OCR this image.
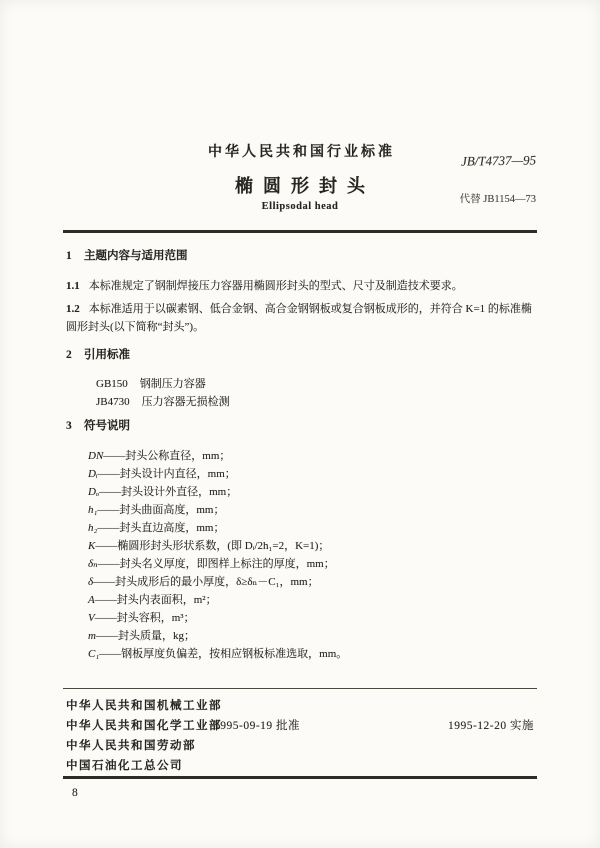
中华人民共和国行业标准	JB/T4737—95
椭圆形封头
代替 JB1154—73
Ellipsodal head
1 主题内容与适用范围

1.1 本标准规定了钢制焊接压力容器用椭圆形封头的型式、尺寸及制造技术要求。

1.2 本标准适用于以碳素钢、低合金钢、高合金钢钢板或复合钢板成形的，并符合 K=1 的标准椭圆形封头(以下简称“封头”)。

2 引用标准
GB150 钢制压力容器
JB4730 压力容器无损检测
3 符号说明
DN——封头公称直径，mm；
Dᵢ——封头设计内直径，mm；
Dₒ——封头设计外直径，mm；
h₁——封头曲面高度，mm；
h₂——封头直边高度，mm；
K——椭圆形封头形状系数，(即 Dᵢ/2h₁=2，K=1)；
δₙ——封头名义厚度，即图样上标注的厚度，mm；
δ——封头成形后的最小厚度，δ≥δₙ－C₁，mm；
A——封头内表面积，m²；
V——封头容积，m³；
m——封头质量，kg；
C₁——钢板厚度负偏差，按相应钢板标准选取，mm。
中华人民共和国机械工业部
中华人民共和国化学工业部
中华人民共和国劳动部
中国石油化工总公司
1995-09-19 批准	1995-12-20 实施
8
